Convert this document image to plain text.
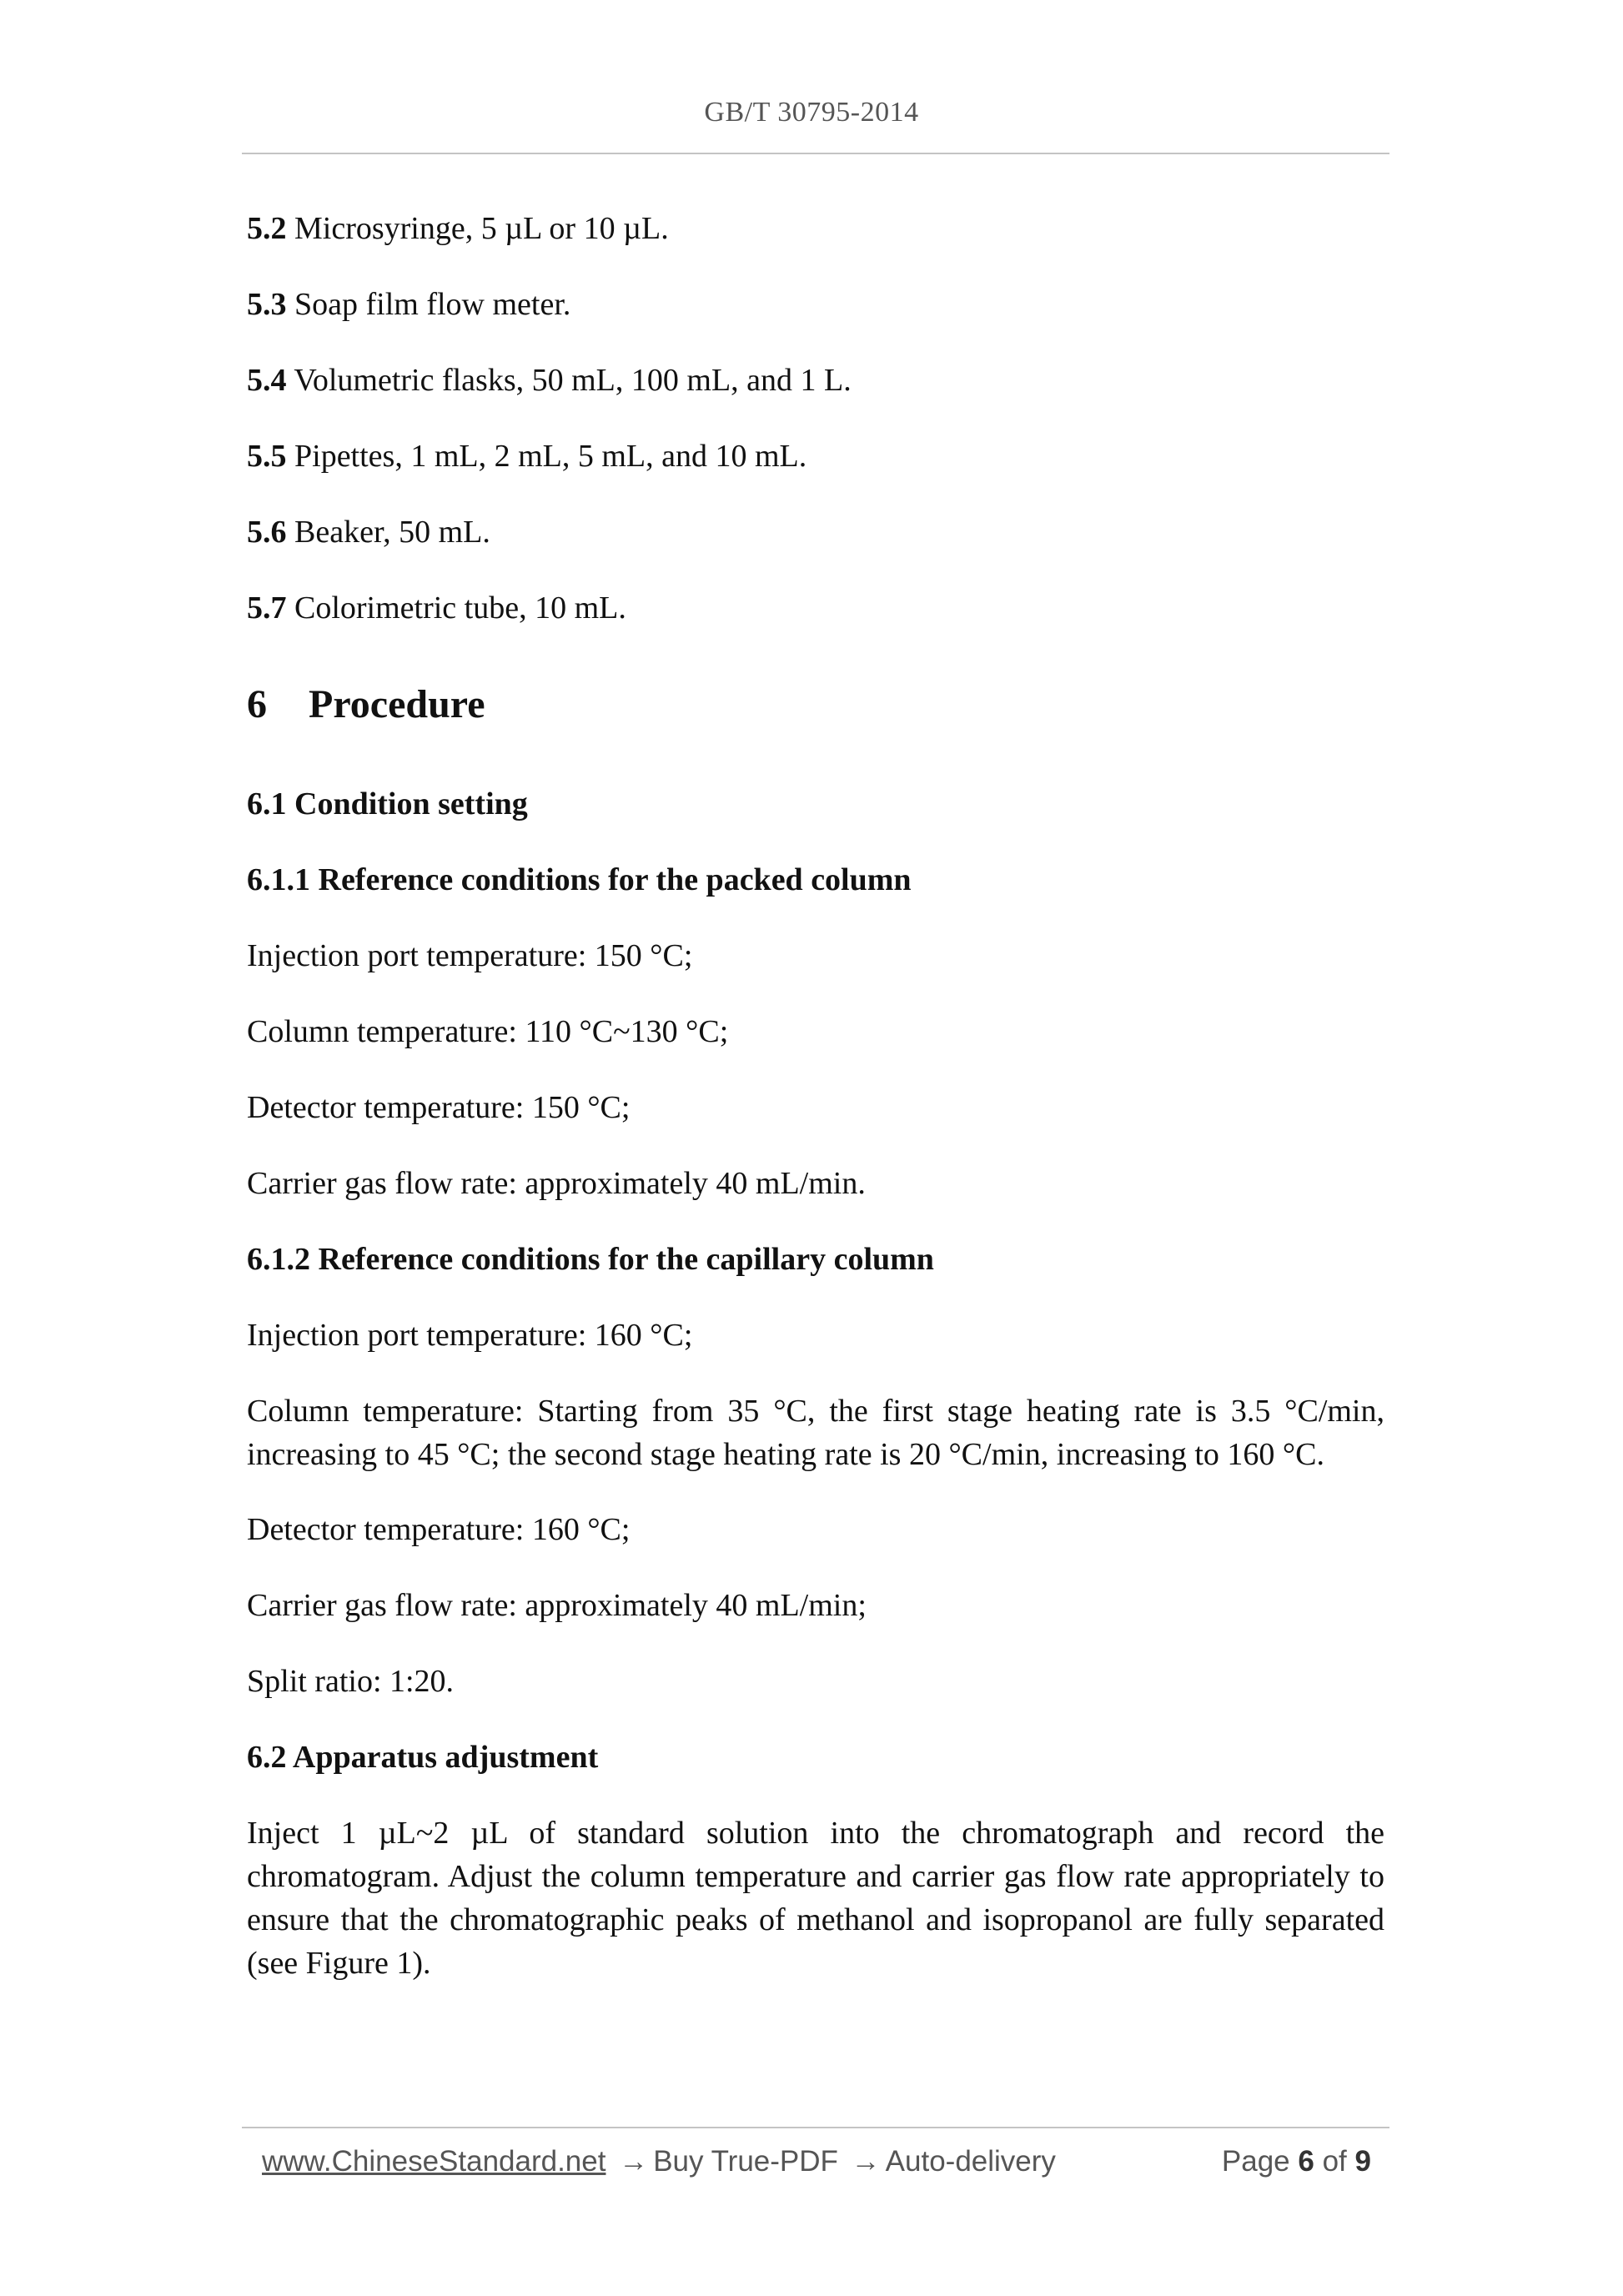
GB/T 30795-2014

5.2 Microsyringe, 5 µL or 10 µL.

5.3 Soap film flow meter.

5.4 Volumetric flasks, 50 mL, 100 mL, and 1 L.

5.5 Pipettes, 1 mL, 2 mL, 5 mL, and 10 mL.

5.6 Beaker, 50 mL.

5.7 Colorimetric tube, 10 mL.

6 Procedure
6.1 Condition setting
6.1.1 Reference conditions for the packed column

Injection port temperature: 150 °C;

Column temperature: 110 °C~130 °C;

Detector temperature: 150 °C;

Carrier gas flow rate: approximately 40 mL/min.

6.1.2 Reference conditions for the capillary column

Injection port temperature: 160 °C;

Column temperature: Starting from 35 °C, the first stage heating rate is 3.5 °C/min, increasing to 45 °C; the second stage heating rate is 20 °C/min, increasing to 160 °C.

Detector temperature: 160 °C;

Carrier gas flow rate: approximately 40 mL/min;

Split ratio: 1:20.

6.2 Apparatus adjustment

Inject 1 µL~2 µL of standard solution into the chromatograph and record the chromatogram. Adjust the column temperature and carrier gas flow rate appropriately to ensure that the chromatographic peaks of methanol and isopropanol are fully separated (see Figure 1).

www.ChineseStandard.net → Buy True-PDF → Auto-delivery	Page 6 of 9
